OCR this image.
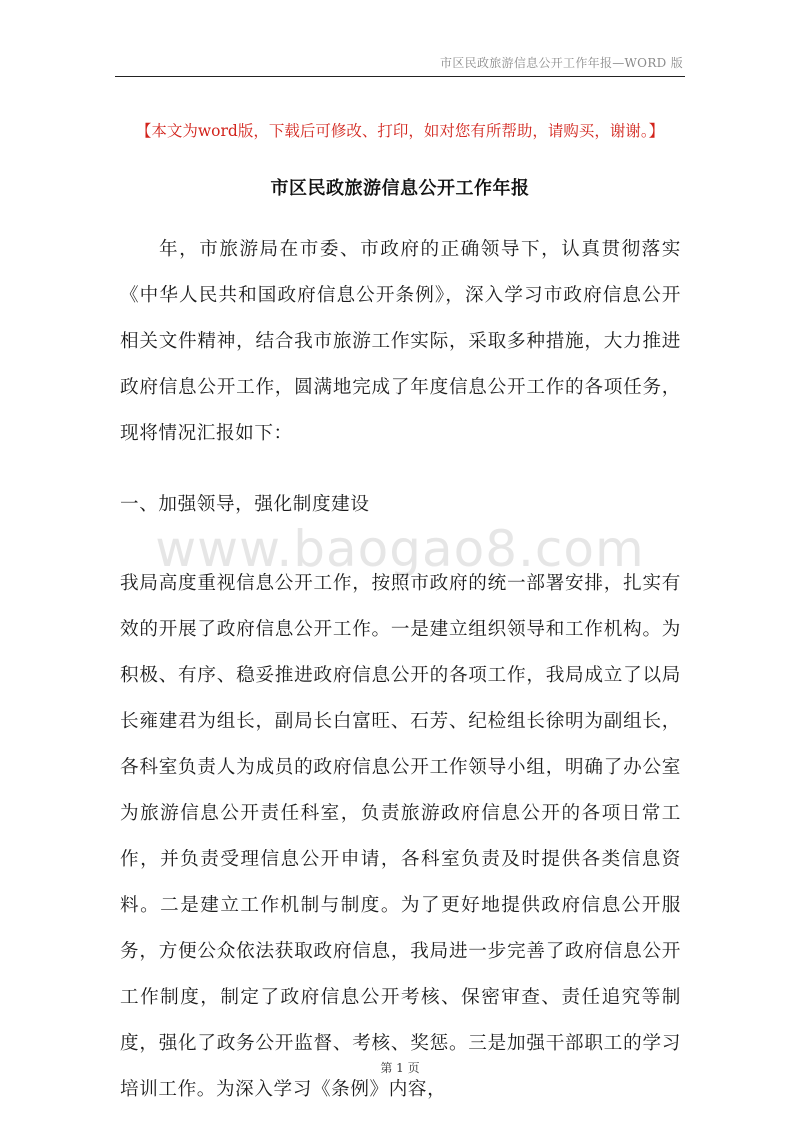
市区民政旅游信息公开工作年报—WORD 版
【本文为word版，下载后可修改、打印，如对您有所帮助，请购买，谢谢。】
市区民政旅游信息公开工作年报

年，市旅游局在市委、市政府的正确领导下，认真贯彻落实《中华人民共和国政府信息公开条例》，深入学习市政府信息公开相关文件精神，结合我市旅游工作实际，采取多种措施，大力推进政府信息公开工作，圆满地完成了年度信息公开工作的各项任务，现将情况汇报如下：

一、加强领导，强化制度建设

www.baogao8.com

我局高度重视信息公开工作，按照市政府的统一部署安排，扎实有效的开展了政府信息公开工作。一是建立组织领导和工作机构。为积极、有序、稳妥推进政府信息公开的各项工作，我局成立了以局长雍建君为组长，副局长白富旺、石芳、纪检组长徐明为副组长，各科室负责人为成员的政府信息公开工作领导小组，明确了办公室为旅游信息公开责任科室，负责旅游政府信息公开的各项日常工作，并负责受理信息公开申请，各科室负责及时提供各类信息资料。二是建立工作机制与制度。为了更好地提供政府信息公开服务，方便公众依法获取政府信息，我局进一步完善了政府信息公开工作制度，制定了政府信息公开考核、保密审查、责任追究等制度，强化了政务公开监督、考核、奖惩。三是加强干部职工的学习培训工作。为深入学习《条例》内容，

第 1 页
